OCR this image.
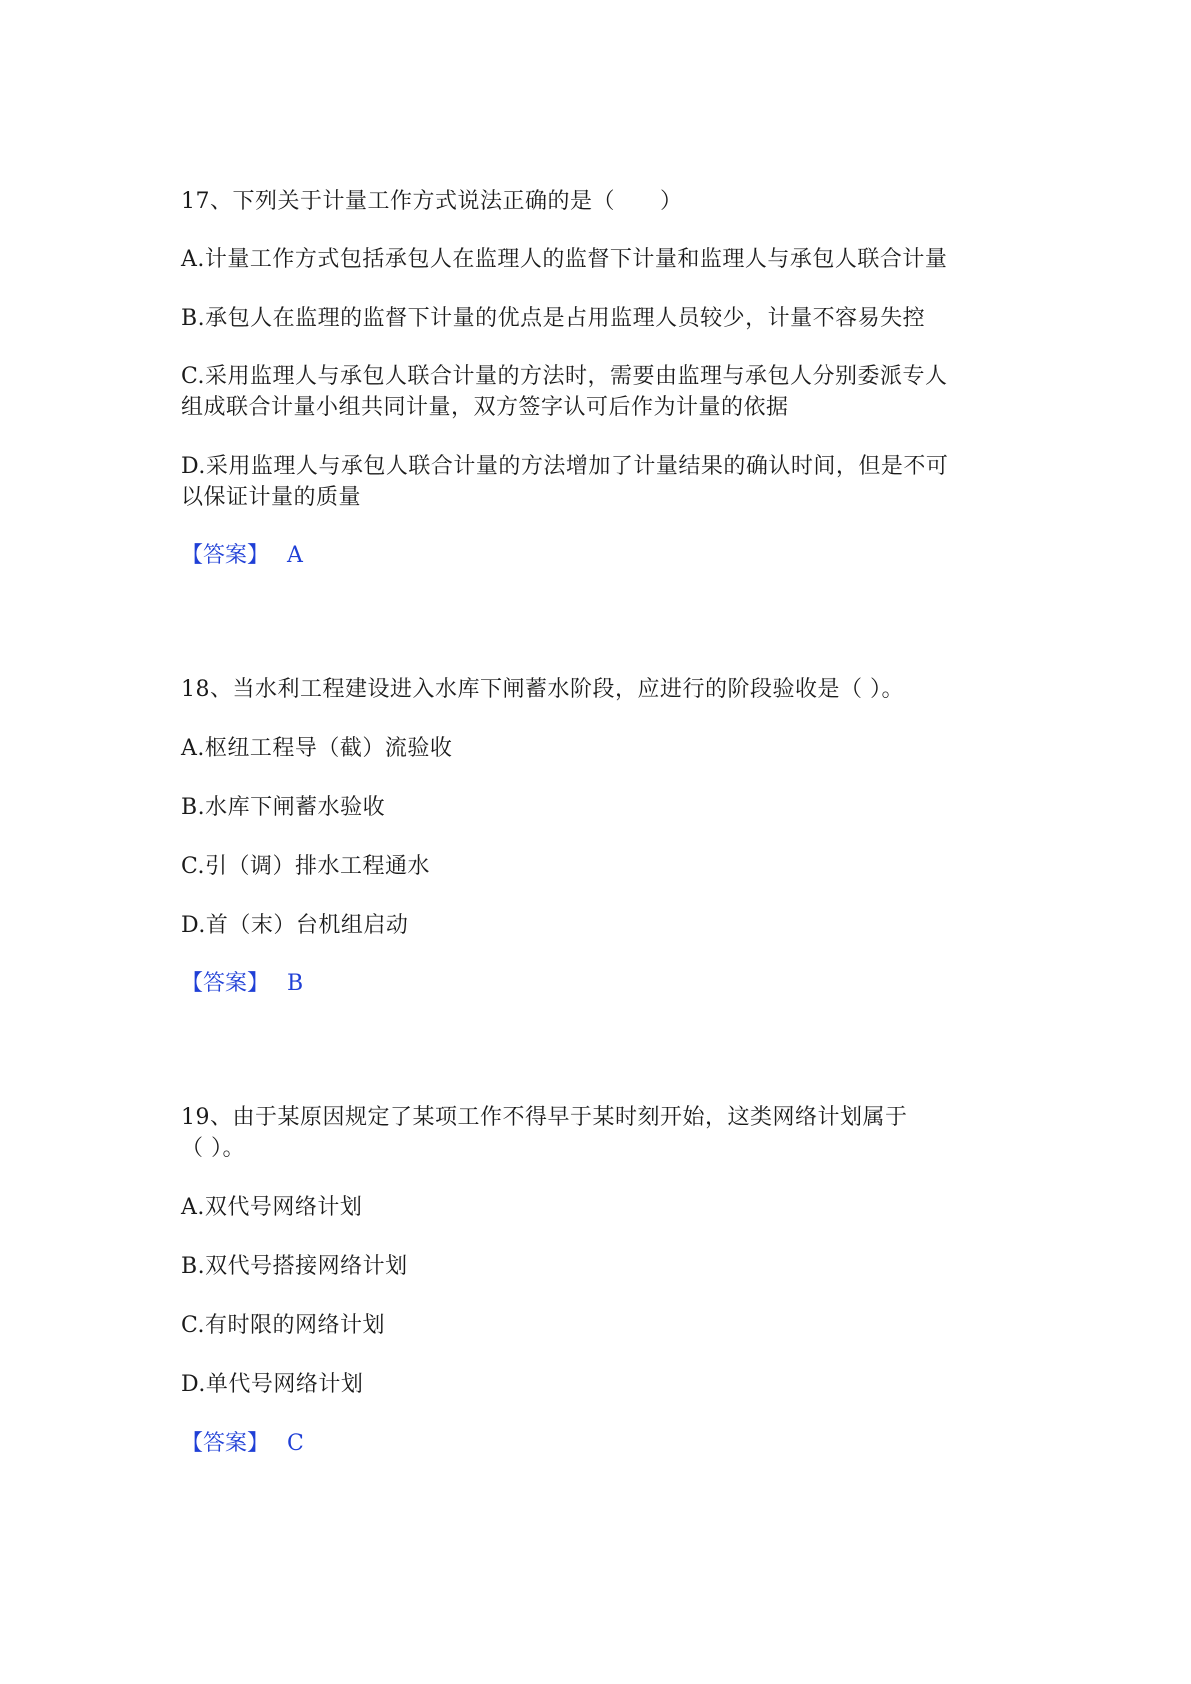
17、下列关于计量工作方式说法正确的是（　　）
A.计量工作方式包括承包人在监理人的监督下计量和监理人与承包人联合计量
B.承包人在监理的监督下计量的优点是占用监理人员较少，计量不容易失控
C.采用监理人与承包人联合计量的方法时，需要由监理与承包人分别委派专人
组成联合计量小组共同计量，双方签字认可后作为计量的依据
D.采用监理人与承包人联合计量的方法增加了计量结果的确认时间，但是不可
以保证计量的质量
【答案】 A
18、当水利工程建设进入水库下闸蓄水阶段，应进行的阶段验收是（ ）。
A.枢纽工程导（截）流验收
B.水库下闸蓄水验收
C.引（调）排水工程通水
D.首（末）台机组启动
【答案】 B
19、由于某原因规定了某项工作不得早于某时刻开始，这类网络计划属于
（ ）。
A.双代号网络计划
B.双代号搭接网络计划
C.有时限的网络计划
D.单代号网络计划
【答案】 C
